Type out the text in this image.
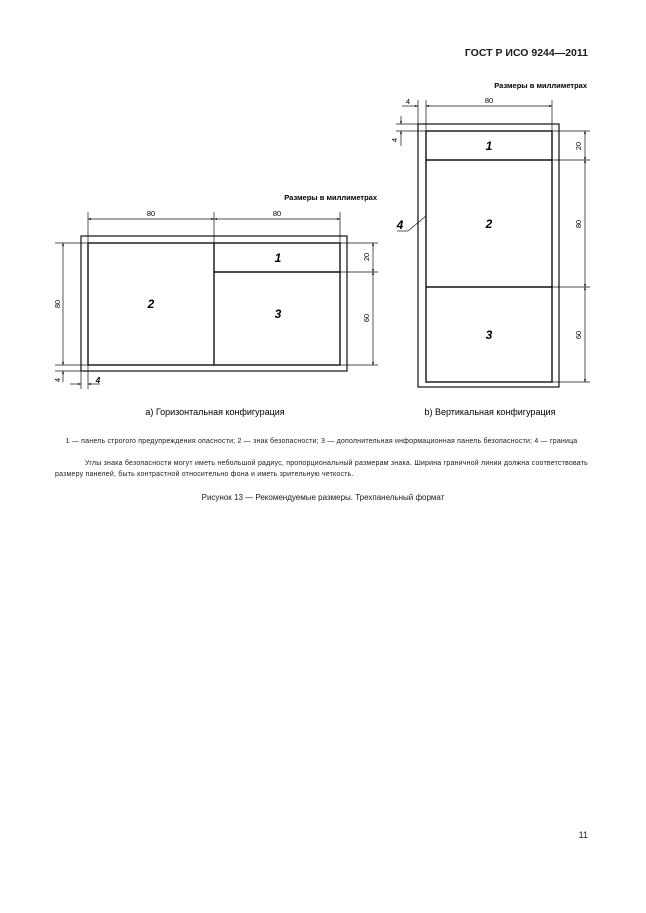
ГОСТ Р ИСО 9244—2011
Размеры в миллиметрах
80
4
4
20
80
60
1
2
3
4
Размеры в миллиметрах
80	80
80
4	4
20
60
2
1
3
а) Горизонтальная конфигурация	b) Вертикальная конфигурация
1 — панель строгого предупреждения опасности; 2 — знак безопасности; 3 — дополнительная информационная панель безопасности; 4 — граница
Углы знака безопасности могут иметь небольшой радиус, пропорциональный размерам знака. Ширина граничной линии должна соответствовать размеру панелей, быть контрастной относительно фона и иметь зрительную четкость.
Рисунок 13 — Рекомендуемые размеры. Трехпанельный формат
11
